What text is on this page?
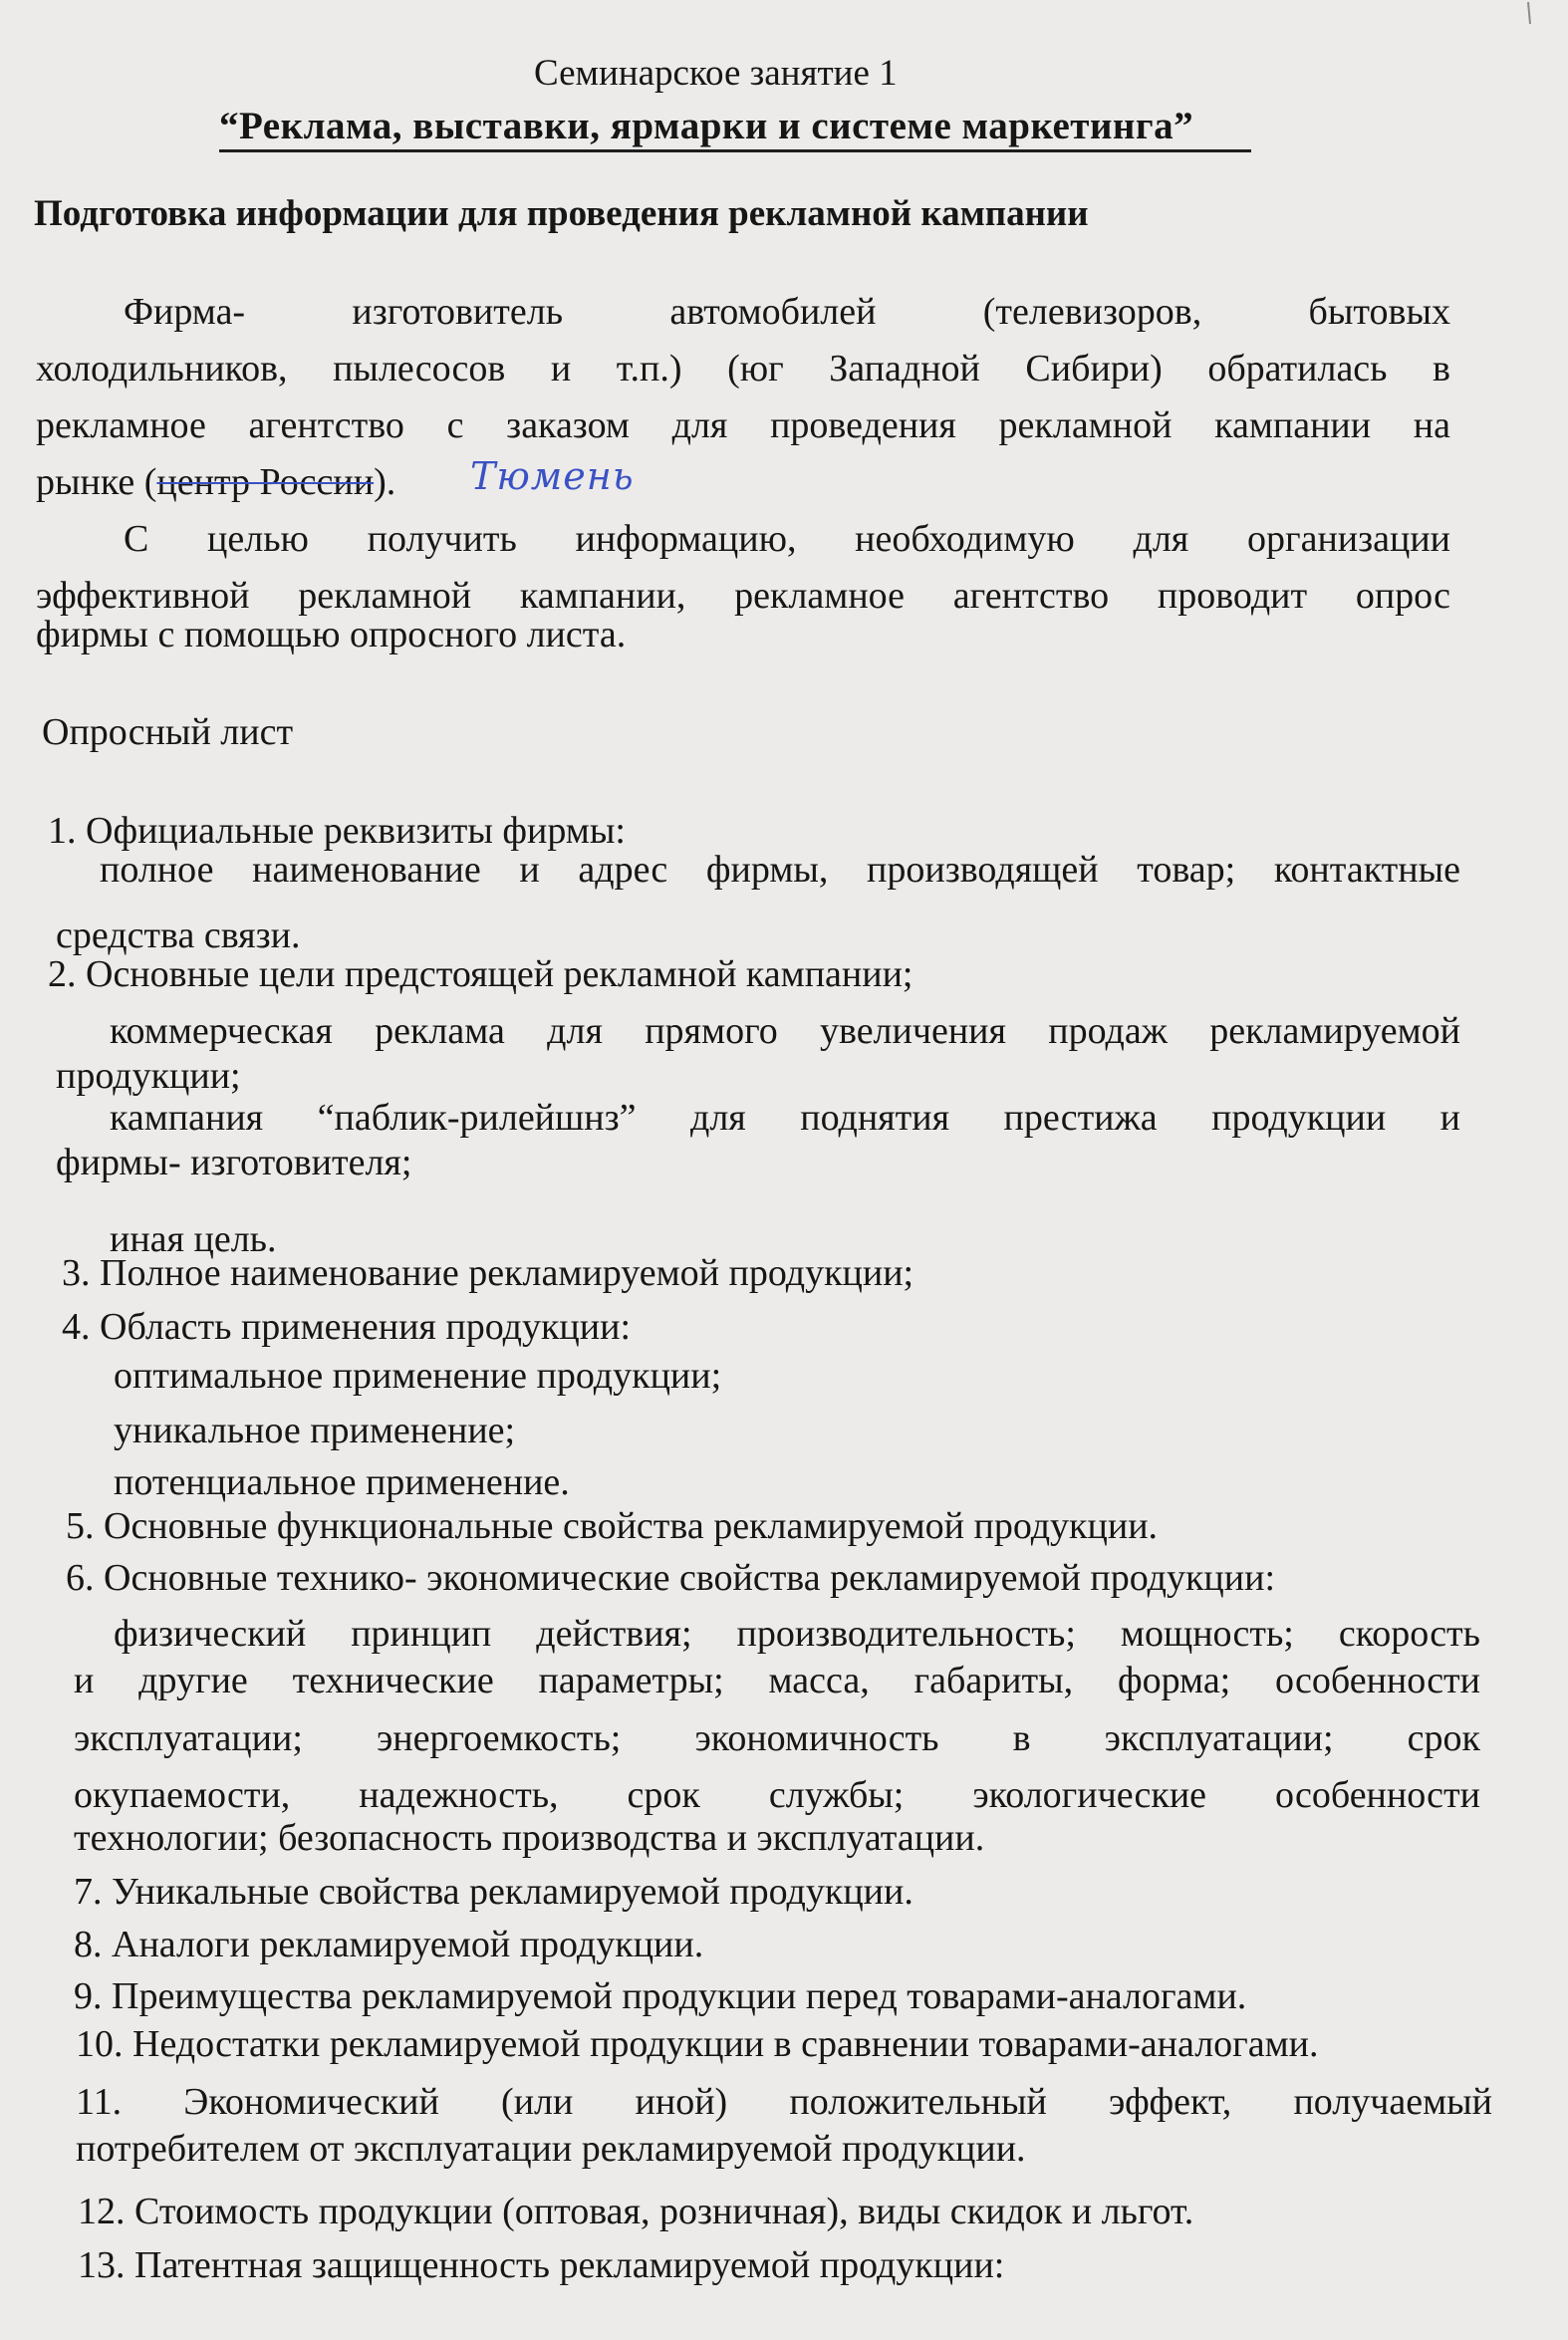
Семинарское занятие 1
“Реклама, выставки, ярмарки и системе маркетинга”
Подготовка информации для проведения рекламной кампании
Фирма- изготовитель автомобилей (телевизоров, бытовых
холодильников, пылесосов и т.п.) (юг Западной Сибири) обратилась в
рекламное агентство с заказом для проведения рекламной кампании на
рынке (центр России). Тюмень
С целью получить информацию, необходимую для организации
эффективной рекламной кампании, рекламное агентство проводит опрос
фирмы с помощью опросного листа.
Опросный лист
1. Официальные реквизиты фирмы:
полное наименование и адрес фирмы, производящей товар; контактные
средства связи.
2. Основные цели предстоящей рекламной кампании;
коммерческая реклама для прямого увеличения продаж рекламируемой
продукции;
кампания “паблик-рилейшнз” для поднятия престижа продукции и
фирмы- изготовителя;
иная цель.
3. Полное наименование рекламируемой продукции;
4. Область применения продукции:
оптимальное применение продукции;
уникальное применение;
потенциальное применение.
5. Основные функциональные свойства рекламируемой продукции.
6. Основные технико- экономические свойства рекламируемой продукции:
физический принцип действия; производительность; мощность; скорость
и другие технические параметры; масса, габариты, форма; особенности
эксплуатации; энергоемкость; экономичность в эксплуатации; срок
окупаемости, надежность, срок службы; экологические особенности
технологии; безопасность производства и эксплуатации.
7. Уникальные свойства рекламируемой продукции.
8. Аналоги рекламируемой продукции.
9. Преимущества рекламируемой продукции перед товарами-аналогами.
10. Недостатки рекламируемой продукции в сравнении товарами-аналогами.
11. Экономический (или иной) положительный эффект, получаемый
потребителем от эксплуатации рекламируемой продукции.
12. Стоимость продукции (оптовая, розничная), виды скидок и льгот.
13. Патентная защищенность рекламируемой продукции:
